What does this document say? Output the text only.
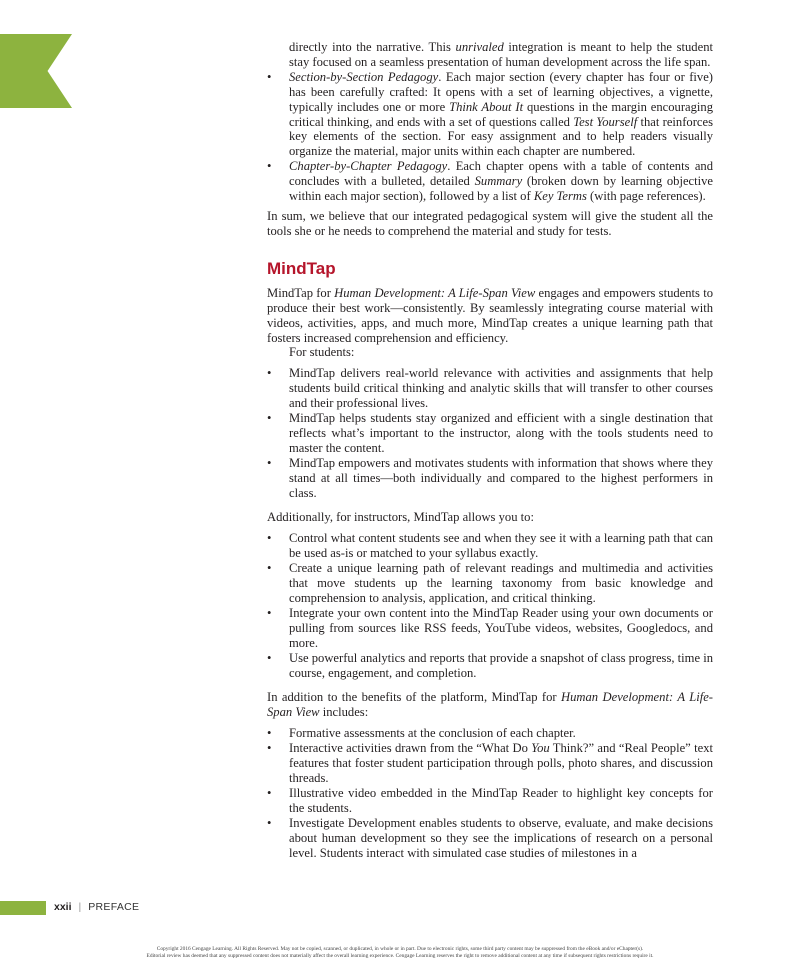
directly into the narrative. This unrivaled integration is meant to help the student stay focused on a seamless presentation of human development across the life span.

• Section-by-Section Pedagogy. Each major section (every chapter has four or five) has been carefully crafted: It opens with a set of learning objectives, a vignette, typically includes one or more Think About It questions in the margin encouraging critical thinking, and ends with a set of questions called Test Yourself that reinforces key elements of the section. For easy assignment and to help readers visually organize the material, major units within each chapter are numbered.
• Chapter-by-Chapter Pedagogy. Each chapter opens with a table of contents and concludes with a bulleted, detailed Summary (broken down by learning objective within each major section), followed by a list of Key Terms (with page references).

In sum, we believe that our integrated pedagogical system will give the student all the tools she or he needs to comprehend the material and study for tests.

MindTap

MindTap for Human Development: A Life-Span View engages and empowers students to produce their best work—consistently. By seamlessly integrating course material with videos, activities, apps, and much more, MindTap creates a unique learning path that fosters increased comprehension and efficiency.

For students:

• MindTap delivers real-world relevance with activities and assignments that help students build critical thinking and analytic skills that will transfer to other courses and their professional lives.
• MindTap helps students stay organized and efficient with a single destination that reflects what’s important to the instructor, along with the tools students need to master the content.
• MindTap empowers and motivates students with information that shows where they stand at all times—both individually and compared to the highest performers in class.

Additionally, for instructors, MindTap allows you to:

• Control what content students see and when they see it with a learning path that can be used as-is or matched to your syllabus exactly.
• Create a unique learning path of relevant readings and multimedia and activities that move students up the learning taxonomy from basic knowledge and comprehension to analysis, application, and critical thinking.
• Integrate your own content into the MindTap Reader using your own documents or pulling from sources like RSS feeds, YouTube videos, websites, Googledocs, and more.
• Use powerful analytics and reports that provide a snapshot of class progress, time in course, engagement, and completion.

In addition to the benefits of the platform, MindTap for Human Development: A Life-Span View includes:

• Formative assessments at the conclusion of each chapter.
• Interactive activities drawn from the “What Do You Think?” and “Real People” text features that foster student participation through polls, photo shares, and discussion threads.
• Illustrative video embedded in the MindTap Reader to highlight key concepts for the students.
• Investigate Development enables students to observe, evaluate, and make decisions about human development so they see the implications of research on a personal level. Students interact with simulated case studies of milestones in a
xxii | PREFACE
Copyright 2016 Cengage Learning. All Rights Reserved. May not be copied, scanned, or duplicated, in whole or in part. Due to electronic rights, some third party content may be suppressed from the eBook and/or eChapter(s).
Editorial review has deemed that any suppressed content does not materially affect the overall learning experience. Cengage Learning reserves the right to remove additional content at any time if subsequent rights restrictions require it.
